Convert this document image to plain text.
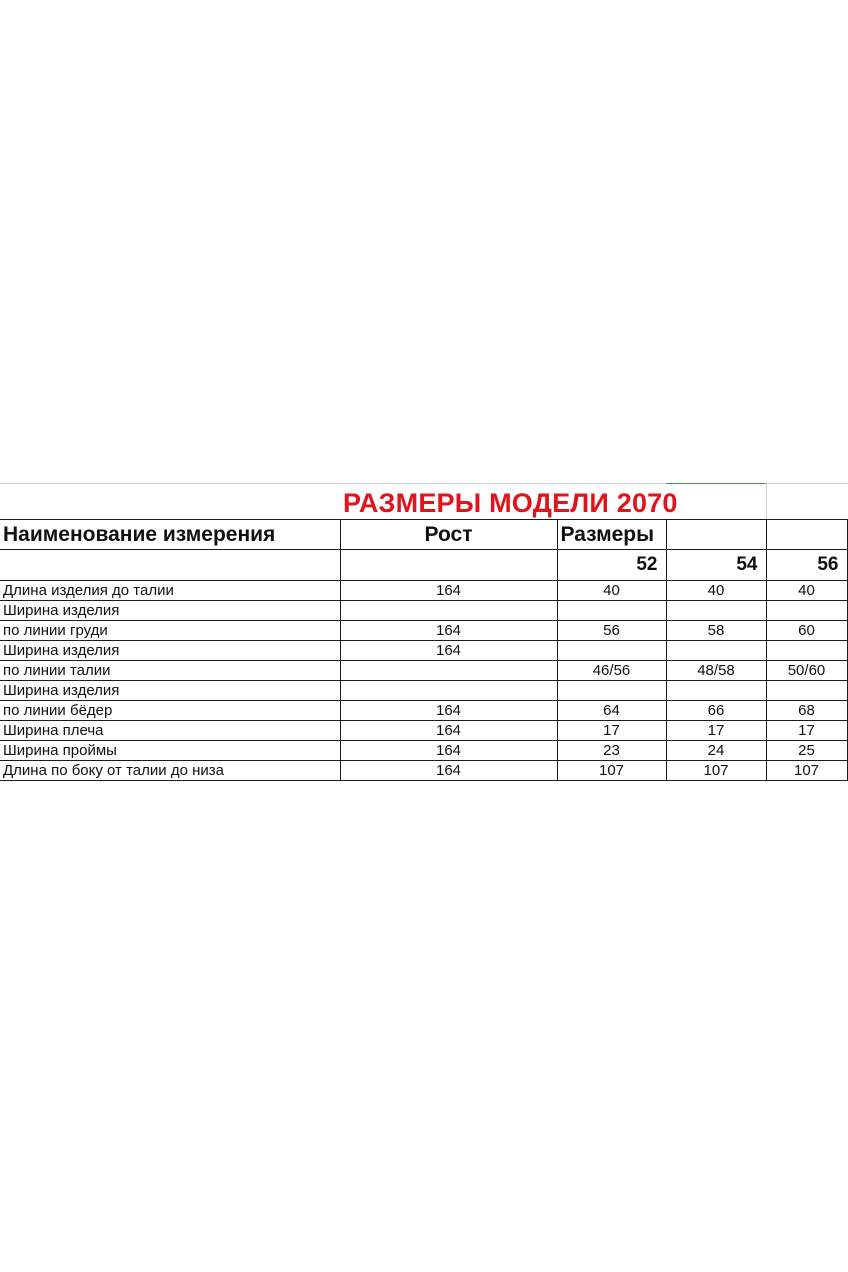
РАЗМЕРЫ МОДЕЛИ 2070
Наименование измерения	Рост	Размеры		
		52	54	56
Длина изделия до талии	164	40	40	40
Ширина изделия				
по линии груди	164	56	58	60
Ширина изделия	164			
по линии талии		46/56	48/58	50/60
Ширина изделия				
по линии бёдер	164	64	66	68
Ширина плеча	164	17	17	17
Ширина проймы	164	23	24	25
Длина по боку от талии до низа	164	107	107	107
